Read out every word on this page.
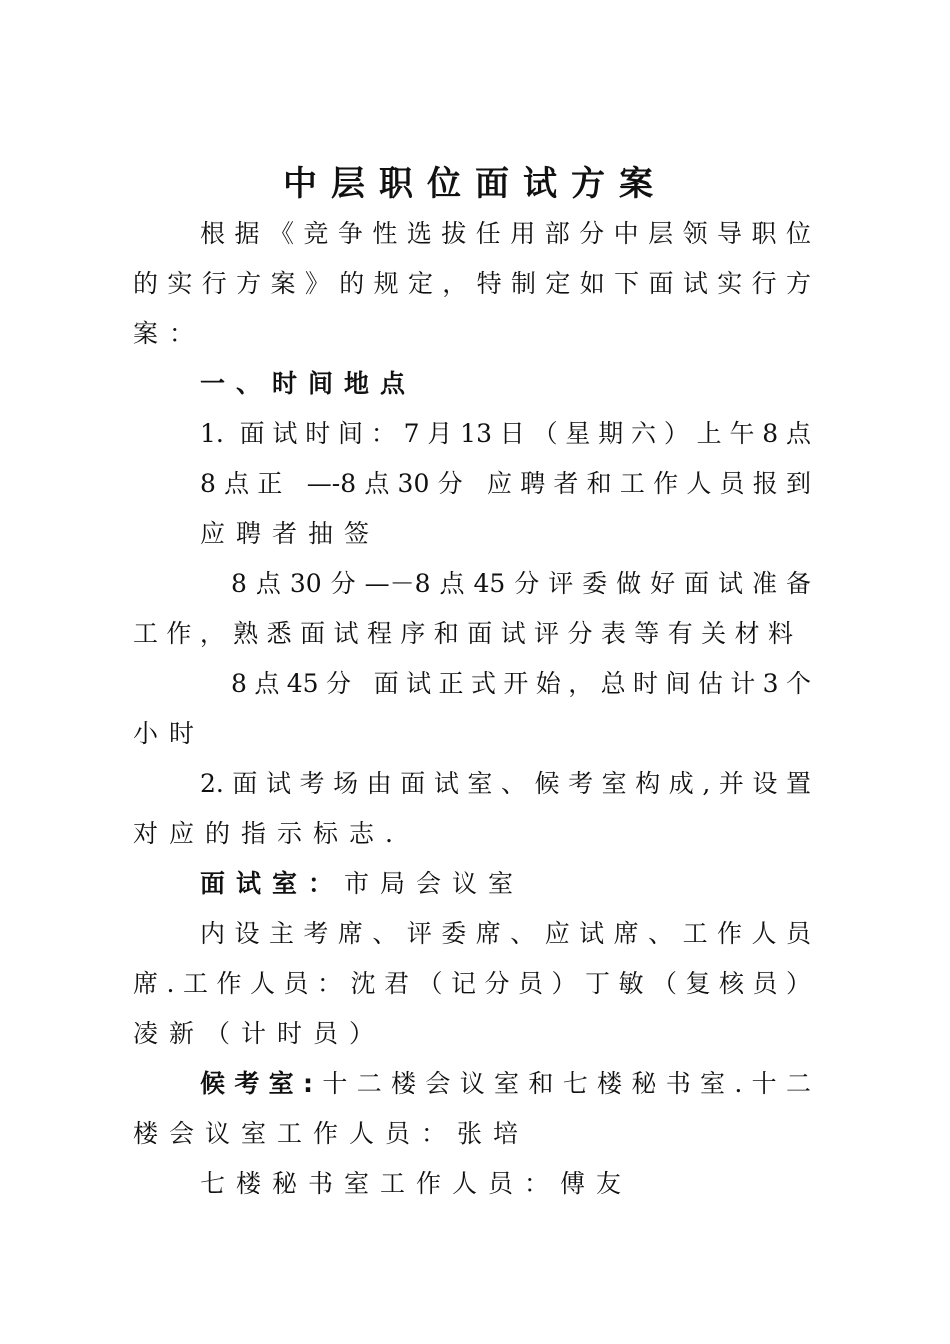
中层职位面试方案
根据《竞争性选拔任用部分中层领导职位
的实行方案》的规定，特制定如下面试实行方
案：
一、时间地点
1. 面试时间：7月13日（星期六）上午8点
8点正 —-8点30分 应聘者和工作人员报到
应聘者抽签
8点30分—－8点45分评委做好面试准备
工作，熟悉面试程序和面试评分表等有关材料
8点45分 面试正式开始，总时间估计3个
小时
2.面试考场由面试室、候考室构成,并设置
对应的指示标志.
面试室：市局会议室
内设主考席、评委席、应试席、工作人员
席.工作人员：沈君（记分员）丁敏（复核员）
凌新（计时员）
候考室:十二楼会议室和七楼秘书室.十二
楼会议室工作人员：张培
七楼秘书室工作人员：傅友
